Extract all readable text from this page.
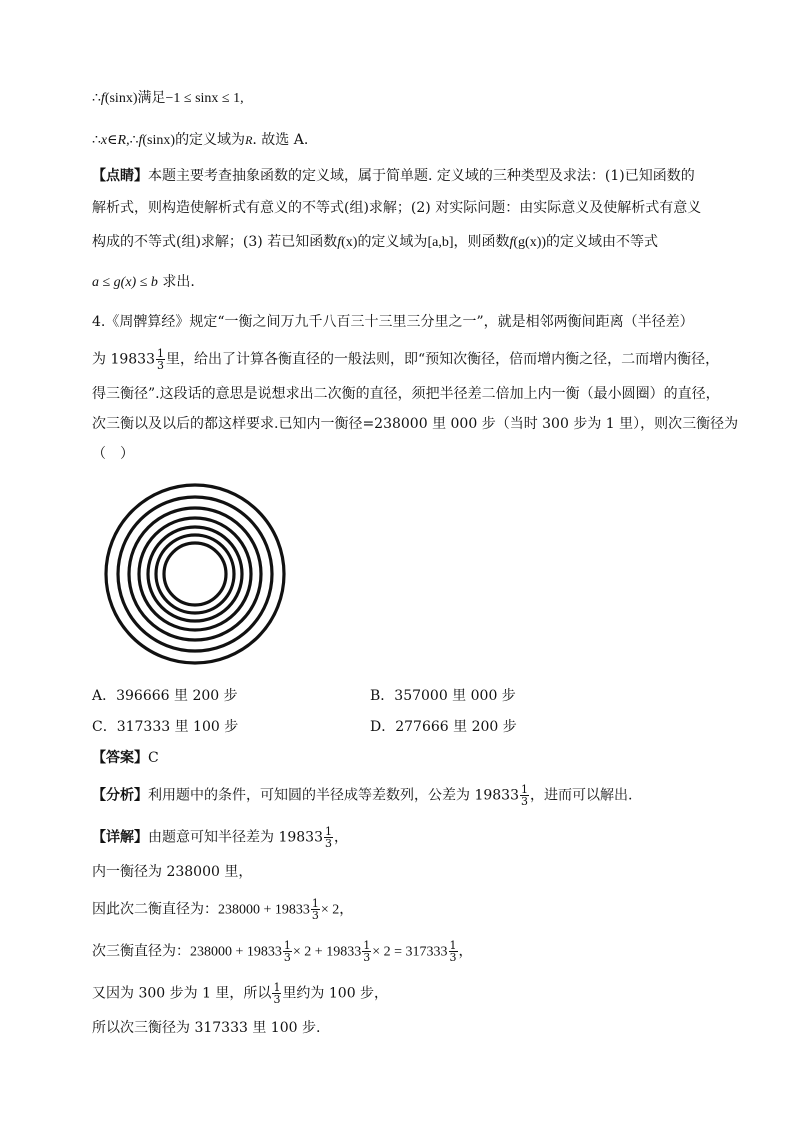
∴f(sinx)满足−1 ≤ sinx ≤ 1,
∴x∈R,∴f(sinx)的定义域为R. 故选 A.
【点睛】本题主要考查抽象函数的定义域，属于简单题. 定义域的三种类型及求法：(1)已知函数的
解析式，则构造使解析式有意义的不等式(组)求解；(2) 对实际问题：由实际意义及使解析式有意义
构成的不等式(组)求解；(3) 若已知函数f(x)的定义域为[a,b]，则函数f(g(x))的定义域由不等式
a ≤ g(x) ≤ b 求出.
4.《周髀算经》规定“一衡之间万九千八百三十三里三分里之一”，就是相邻两衡间距离（半径差）
为 $19833 \frac{1}{3}$ 里，给出了计算各衡直径的一般法则，即“预知次衡径，倍而增内衡之径，二而增内衡径，
得三衡径”.这段话的意思是说想求出二次衡的直径，须把半径差二倍加上内一衡（最小圆圈）的直径，
次三衡以及以后的都这样要求.已知内一衡径=238000 里 000 步（当时 300 步为 1 里），则次三衡径为
（　）
A．396666 里 200 步	B．357000 里 000 步
C．317333 里 100 步	D．277666 里 200 步
【答案】C
【分析】利用题中的条件，可知圆的半径成等差数列，公差为 $19833 \frac{1}{3}$ ，进而可以解出.
【详解】由题意可知半径差为 $19833 \frac{1}{3}$ ，
内一衡径为 238000 里，
因此次二衡直径为：$238000 + 19833 \frac{1}{3} \times 2$，
次三衡直径为：$238000 + 19833 \frac{1}{3} \times 2 + 19833 \frac{1}{3} \times 2 = 317333 \frac{1}{3}$ ，
又因为 300 步为 1 里，所以 $\frac{1}{3}$ 里约为 100 步，
所以次三衡径为 317333 里 100 步.
